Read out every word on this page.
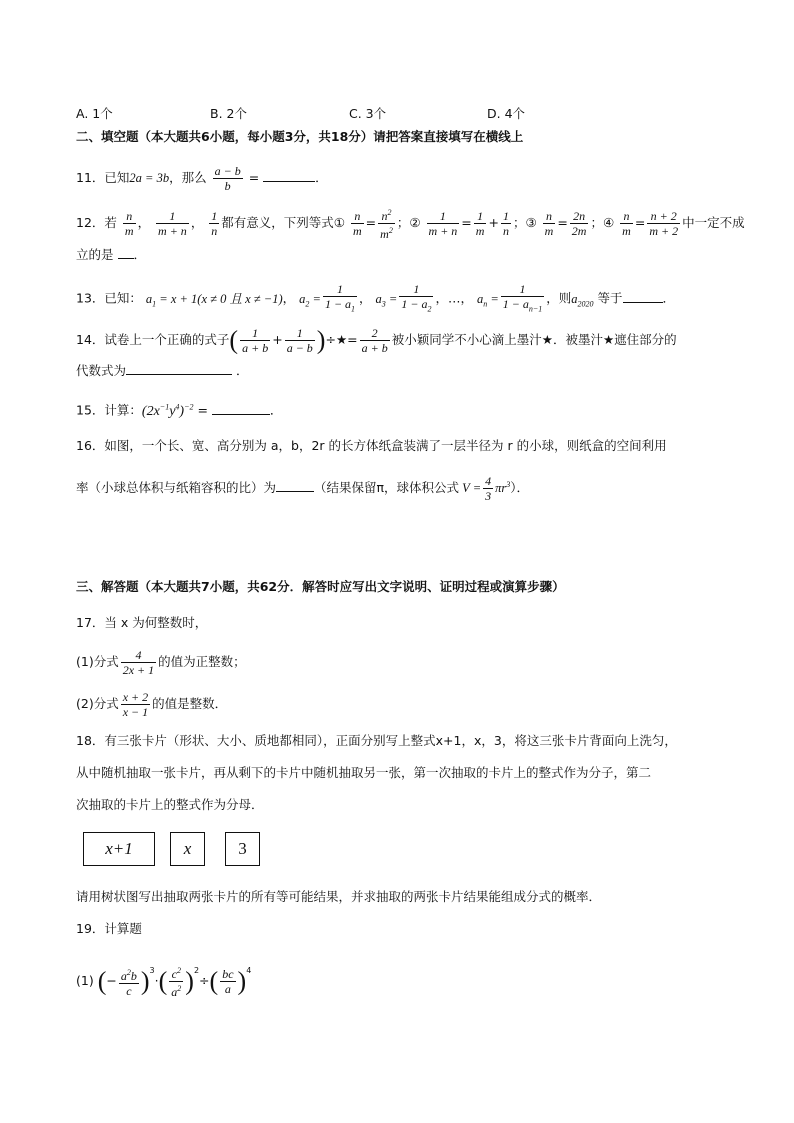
A. 1个	B. 2个	C. 3个	D. 4个
二、填空题（本大题共6小题，每小题3分，共18分）请把答案直接填写在横线上
11．已知2a = 3b，那么 $\frac{a - b}{b}$ =	．
12．若 $\frac{n}{m}$ ， $\frac{1}{m + n}$ ， $\frac{1}{n}$ 都有意义，下列等式① $\frac{n}{m} = \frac{n^2}{m^2}$ ；② $\frac{1}{m + n} = \frac{1}{m} + \frac{1}{n}$ ；③ $\frac{n}{m} = \frac{2n}{2m}$ ；④ $\frac{n}{m} = \frac{n + 2}{m + 2}$ 中一定不成
立的是 ．
13．已知： $a_1 = x + 1(x \ne 0$ 且 x ≠ −1)， $a_2 = \frac{1}{1 - a_1}$ ， $a_3 = \frac{1}{1 - a_2}$ ，…， $a_n = \frac{1}{1 - a_{n-1}}$ ，则$a_{2020}$ 等于	．
14．试卷上一个正确的式子( $\frac{1}{a + b} + \frac{1}{a - b}$ )÷★= $\frac{2}{a + b}$ 被小颖同学不小心滴上墨汁★．被墨汁★遮住部分的
代数式为	．
15．计算：$(2x^{-1}y^4)^{-2}$ =	．
16．如图，一个长、宽、高分别为 a，b，2r 的长方体纸盒装满了一层半径为 r 的小球，则纸盒的空间利用
率（小球总体积与纸箱容积的比）为	（结果保留π，球体积公式 $V = \frac{4}{3} \pi r^3$）．
三、解答题（本大题共7小题，共62分．解答时应写出文字说明、证明过程或演算步骤）
17．当 x 为何整数时，
(1)分式 $\frac{4}{2x + 1}$ 的值为正整数；
(2)分式 $\frac{x + 2}{x - 1}$ 的值是整数．
18．有三张卡片（形状、大小、质地都相同），正面分别写上整式x+1，x，3，将这三张卡片背面向上洗匀，
从中随机抽取一张卡片，再从剩下的卡片中随机抽取另一张，第一次抽取的卡片上的整式作为分子，第二
次抽取的卡片上的整式作为分母．
x+1	x	3
请用树状图写出抽取两张卡片的所有等可能结果，并求抽取的两张卡片结果能组成分式的概率．
19．计算题
(1) (− $\frac{a^2b}{c} )^3\cdot( \frac{c^2}{a^2} )^2\div( \frac{bc}{a} )^4$
